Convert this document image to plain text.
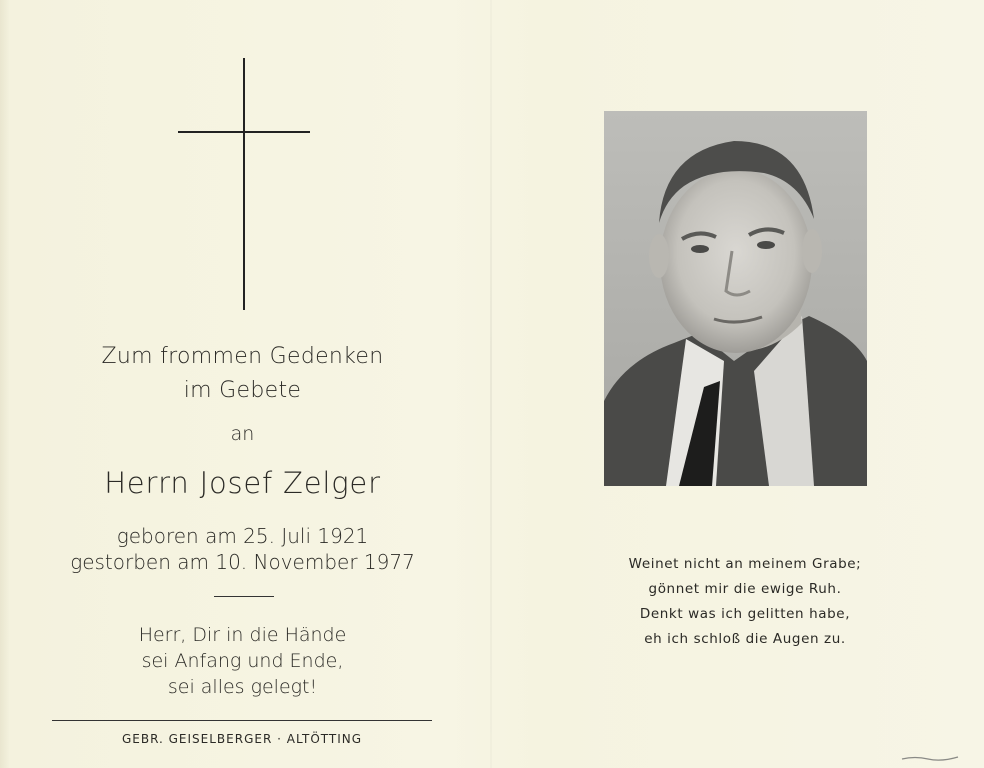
Zum frommen Gedenken
im Gebete
an
Herrn Josef Zelger
geboren am 25. Juli 1921
gestorben am 10. November 1977
Herr, Dir in die Hände
sei Anfang und Ende,
sei alles gelegt!
GEBR. GEISELBERGER · ALTÖTTING
Weinet nicht an meinem Grabe;
gönnet mir die ewige Ruh.
Denkt was ich gelitten habe,
eh ich schloß die Augen zu.
